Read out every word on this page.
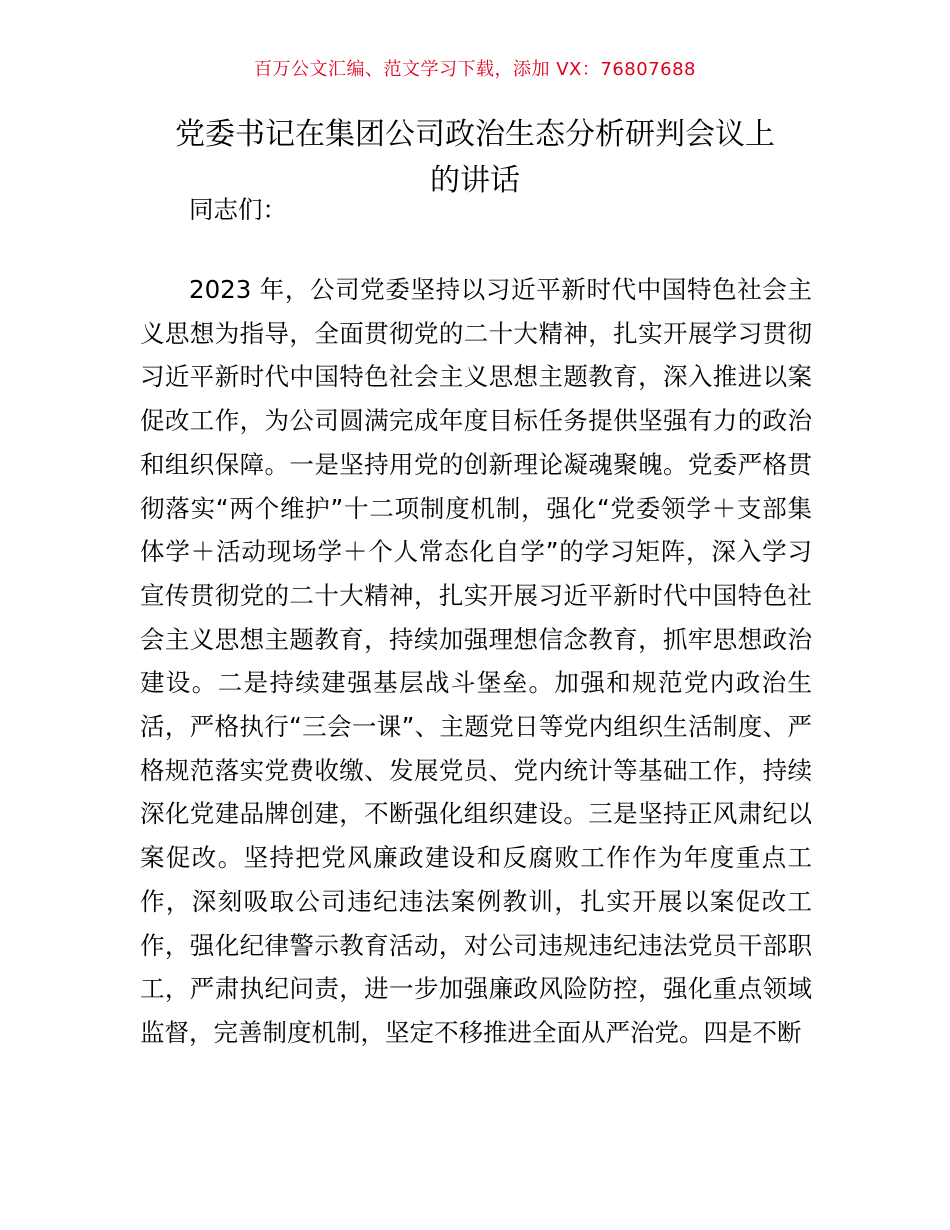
百万公文汇编、范文学习下载，添加 VX：76807688
党委书记在集团公司政治生态分析研判会议上
的讲话
同志们：
2023 年，公司党委坚持以习近平新时代中国特色社会主义思想为指导，全面贯彻党的二十大精神，扎实开展学习贯彻习近平新时代中国特色社会主义思想主题教育，深入推进以案促改工作，为公司圆满完成年度目标任务提供坚强有力的政治和组织保障。一是坚持用党的创新理论凝魂聚魄。党委严格贯彻落实“两个维护”十二项制度机制，强化“党委领学＋支部集体学＋活动现场学＋个人常态化自学”的学习矩阵，深入学习宣传贯彻党的二十大精神，扎实开展习近平新时代中国特色社会主义思想主题教育，持续加强理想信念教育，抓牢思想政治建设。二是持续建强基层战斗堡垒。加强和规范党内政治生活，严格执行“三会一课”、主题党日等党内组织生活制度、严格规范落实党费收缴、发展党员、党内统计等基础工作，持续深化党建品牌创建，不断强化组织建设。三是坚持正风肃纪以案促改。坚持把党风廉政建设和反腐败工作作为年度重点工作，深刻吸取公司违纪违法案例教训，扎实开展以案促改工作，强化纪律警示教育活动，对公司违规违纪违法党员干部职工，严肃执纪问责，进一步加强廉政风险防控，强化重点领域监督，完善制度机制，坚定不移推进全面从严治党。四是不断
